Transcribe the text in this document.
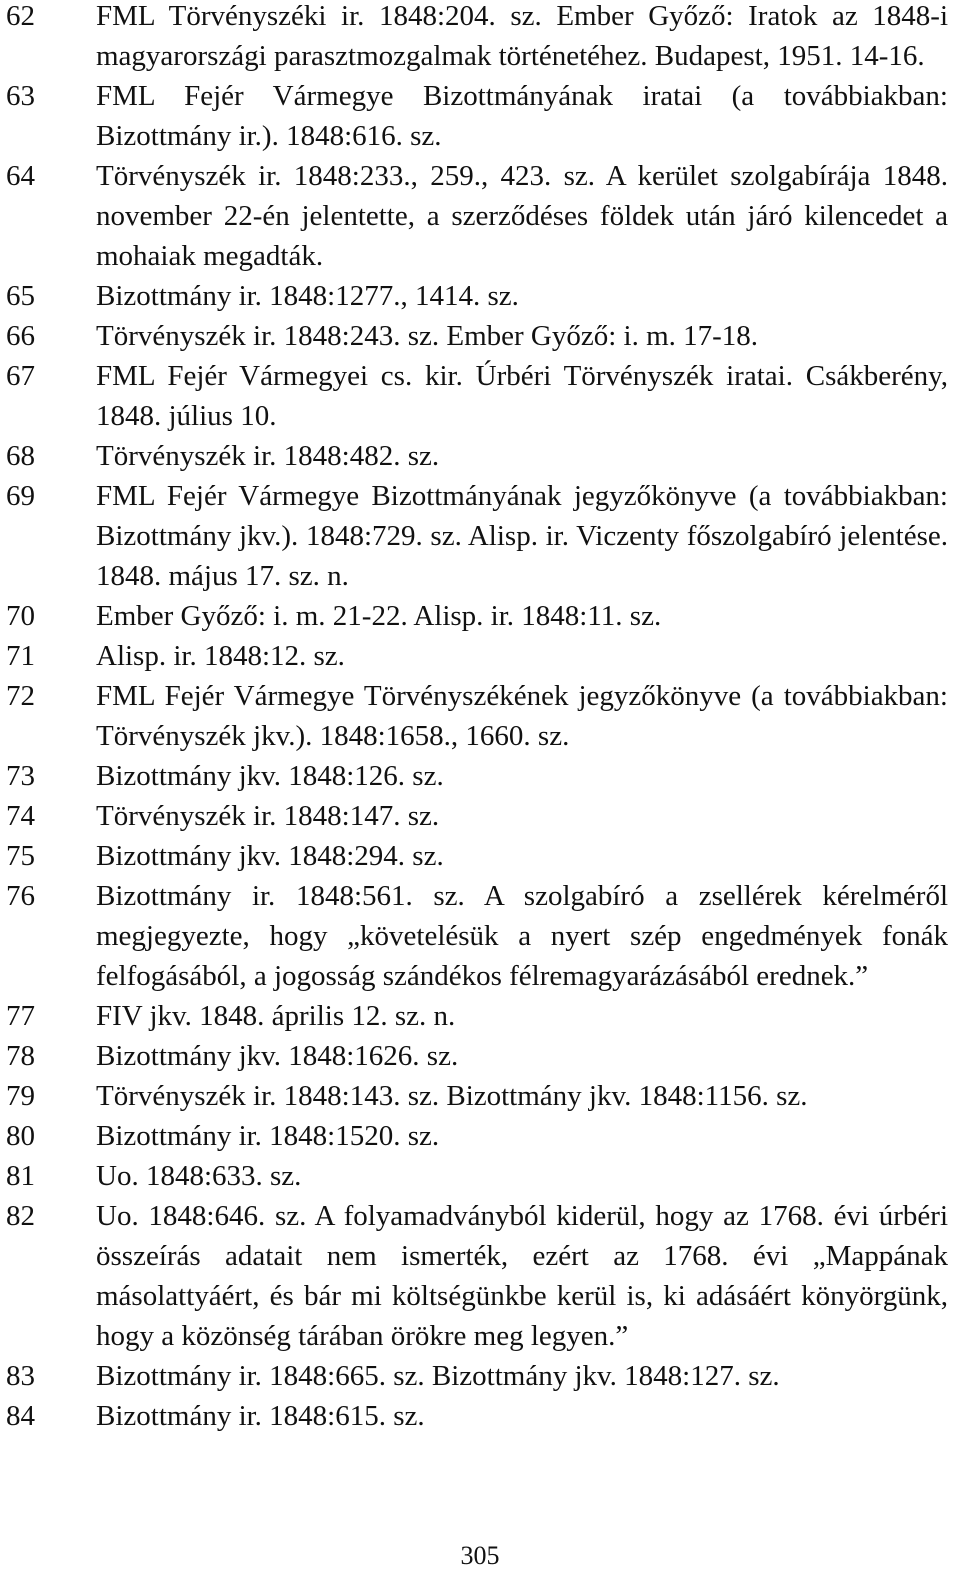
62	FML Törvényszéki ir. 1848:204. sz. Ember Győző: Iratok az 1848-i magyarországi parasztmozgalmak történetéhez. Budapest, 1951. 14-16.
63	FML Fejér Vármegye Bizottmányának iratai (a továbbiakban: Bizottmány ir.). 1848:616. sz.
64	Törvényszék ir. 1848:233., 259., 423. sz. A kerület szolgabírája 1848. november 22-én jelentette, a szerződéses földek után járó kilencedet a mohaiak megadták.
65	Bizottmány ir. 1848:1277., 1414. sz.
66	Törvényszék ir. 1848:243. sz. Ember Győző: i. m. 17-18.
67	FML Fejér Vármegyei cs. kir. Úrbéri Törvényszék iratai. Csákberény, 1848. július 10.
68	Törvényszék ir. 1848:482. sz.
69	FML Fejér Vármegye Bizottmányának jegyzőkönyve (a továbbiakban: Bizottmány jkv.). 1848:729. sz. Alisp. ir. Viczenty főszolgabíró jelentése. 1848. május 17. sz. n.
70	Ember Győző: i. m. 21-22. Alisp. ir. 1848:11. sz.
71	Alisp. ir. 1848:12. sz.
72	FML Fejér Vármegye Törvényszékének jegyzőkönyve (a továbbiakban: Törvényszék jkv.). 1848:1658., 1660. sz.
73	Bizottmány jkv. 1848:126. sz.
74	Törvényszék ir. 1848:147. sz.
75	Bizottmány jkv. 1848:294. sz.
76	Bizottmány ir. 1848:561. sz. A szolgabíró a zsellérek kérelméről megjegyezte, hogy „követelésük a nyert szép engedmények fonák felfogásából, a jogosság szándékos félremagyarázásából erednek.”
77	FIV jkv. 1848. április 12. sz. n.
78	Bizottmány jkv. 1848:1626. sz.
79	Törvényszék ir. 1848:143. sz. Bizottmány jkv. 1848:1156. sz.
80	Bizottmány ir. 1848:1520. sz.
81	Uo. 1848:633. sz.
82	Uo. 1848:646. sz. A folyamadványból kiderül, hogy az 1768. évi úrbéri összeírás adatait nem ismerték, ezért az 1768. évi „Mappának másolattyáért, és bár mi költségünkbe kerül is, ki adásáért könyörgünk, hogy a közönség tárában örökre meg legyen.”
83	Bizottmány ir. 1848:665. sz. Bizottmány jkv. 1848:127. sz.
84	Bizottmány ir. 1848:615. sz.
305
